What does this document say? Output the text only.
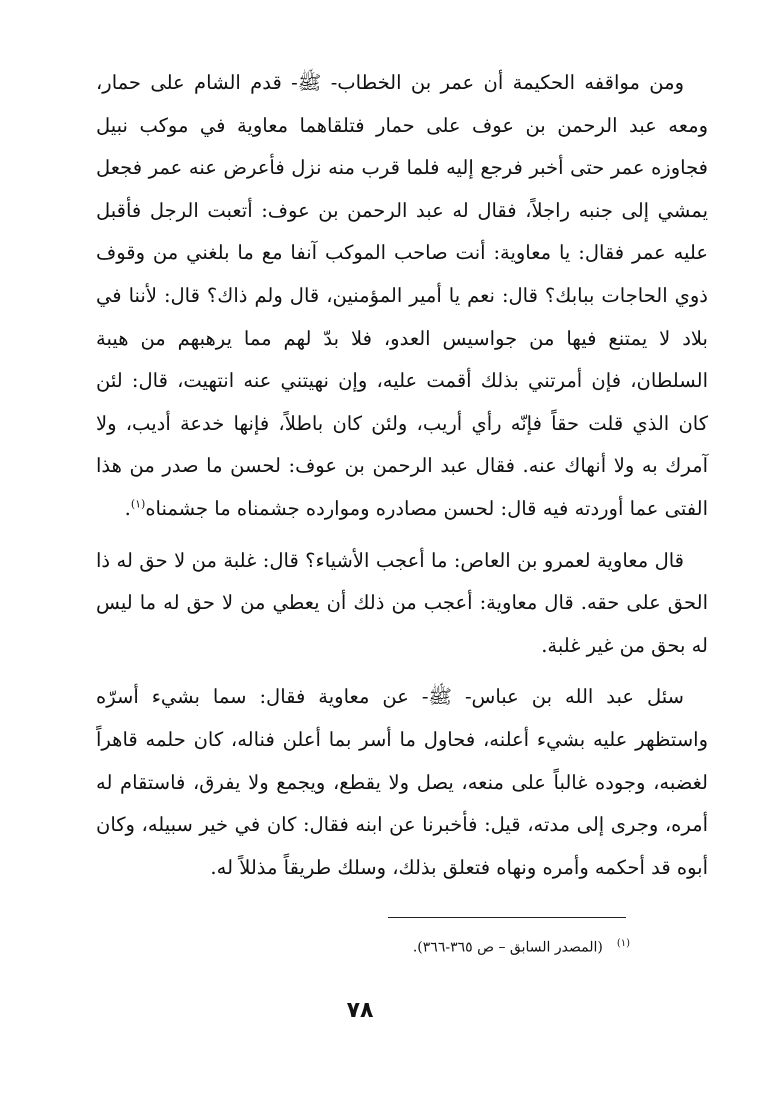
ومن مواقفه الحكيمة أن عمر بن الخطاب- ﷺ- قدم الشام على حمار، ومعه عبد الرحمن بن عوف على حمار فتلقاهما معاوية في موكب نبيل فجاوزه عمر حتى أخبر فرجع إليه فلما قرب منه نزل فأعرض عنه عمر فجعل يمشي إلى جنبه راجلاً، فقال له عبد الرحمن بن عوف: أتعبت الرجل فأقبل عليه عمر فقال: يا معاوية: أنت صاحب الموكب آنفا مع ما بلغني من وقوف ذوي الحاجات ببابك؟ قال: نعم يا أمير المؤمنين، قال ولم ذاك؟ قال: لأننا في بلاد لا يمتنع فيها من جواسيس العدو، فلا بدّ لهم مما يرهبهم من هيبة السلطان، فإن أمرتني بذلك أقمت عليه، وإن نهيتني عنه انتهيت، قال: لئن كان الذي قلت حقاً فإنّه رأي أريب، ولئن كان باطلاً، فإنها خدعة أديب، ولا آمرك به ولا أنهاك عنه. فقال عبد الرحمن بن عوف: لحسن ما صدر من هذا الفتى عما أوردته فيه قال: لحسن مصادره وموارده جشمناه ما جشمناه$^{(١)}$.

قال معاوية لعمرو بن العاص: ما أعجب الأشياء؟ قال: غلبة من لا حق له ذا الحق على حقه. قال معاوية: أعجب من ذلك أن يعطي من لا حق له ما ليس له بحق من غير غلبة.

سئل عبد الله بن عباس- ﷺ- عن معاوية فقال: سما بشيء أسرّه واستظهر عليه بشيء أعلنه، فحاول ما أسر بما أعلن فناله، كان حلمه قاهراً لغضبه، وجوده غالباً على منعه، يصل ولا يقطع، ويجمع ولا يفرق، فاستقام له أمره، وجرى إلى مدته، قيل: فأخبرنا عن ابنه فقال: كان في خير سبيله، وكان أبوه قد أحكمه وأمره ونهاه فتعلق بذلك، وسلك طريقاً مذللاً له.

$^{(١)}$(المصدر السابق – ص ٣٦٥-٣٦٦).
٧٨
